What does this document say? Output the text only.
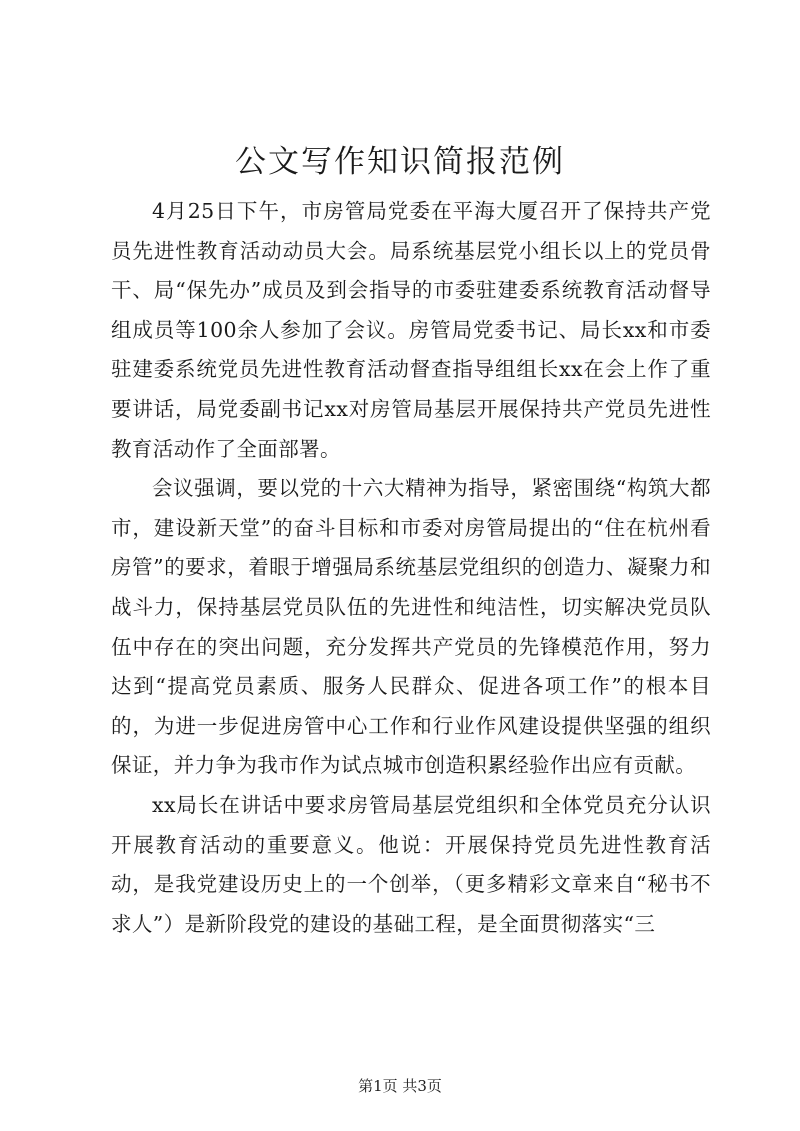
公文写作知识简报范例

4月25日下午，市房管局党委在平海大厦召开了保持共产党员先进性教育活动动员大会。局系统基层党小组长以上的党员骨干、局“保先办”成员及到会指导的市委驻建委系统教育活动督导组成员等100余人参加了会议。房管局党委书记、局长xx和市委驻建委系统党员先进性教育活动督查指导组组长xx在会上作了重要讲话，局党委副书记xx对房管局基层开展保持共产党员先进性教育活动作了全面部署。

会议强调，要以党的十六大精神为指导，紧密围绕“构筑大都市，建设新天堂”的奋斗目标和市委对房管局提出的“住在杭州看房管”的要求，着眼于增强局系统基层党组织的创造力、凝聚力和战斗力，保持基层党员队伍的先进性和纯洁性，切实解决党员队伍中存在的突出问题，充分发挥共产党员的先锋模范作用，努力达到“提高党员素质、服务人民群众、促进各项工作”的根本目的，为进一步促进房管中心工作和行业作风建设提供坚强的组织保证，并力争为我市作为试点城市创造积累经验作出应有贡献。

xx局长在讲话中要求房管局基层党组织和全体党员充分认识开展教育活动的重要意义。他说：开展保持党员先进性教育活动，是我党建设历史上的一个创举，（更多精彩文章来自“秘书不求人”）是新阶段党的建设的基础工程，是全面贯彻落实“三

第1页 共3页
